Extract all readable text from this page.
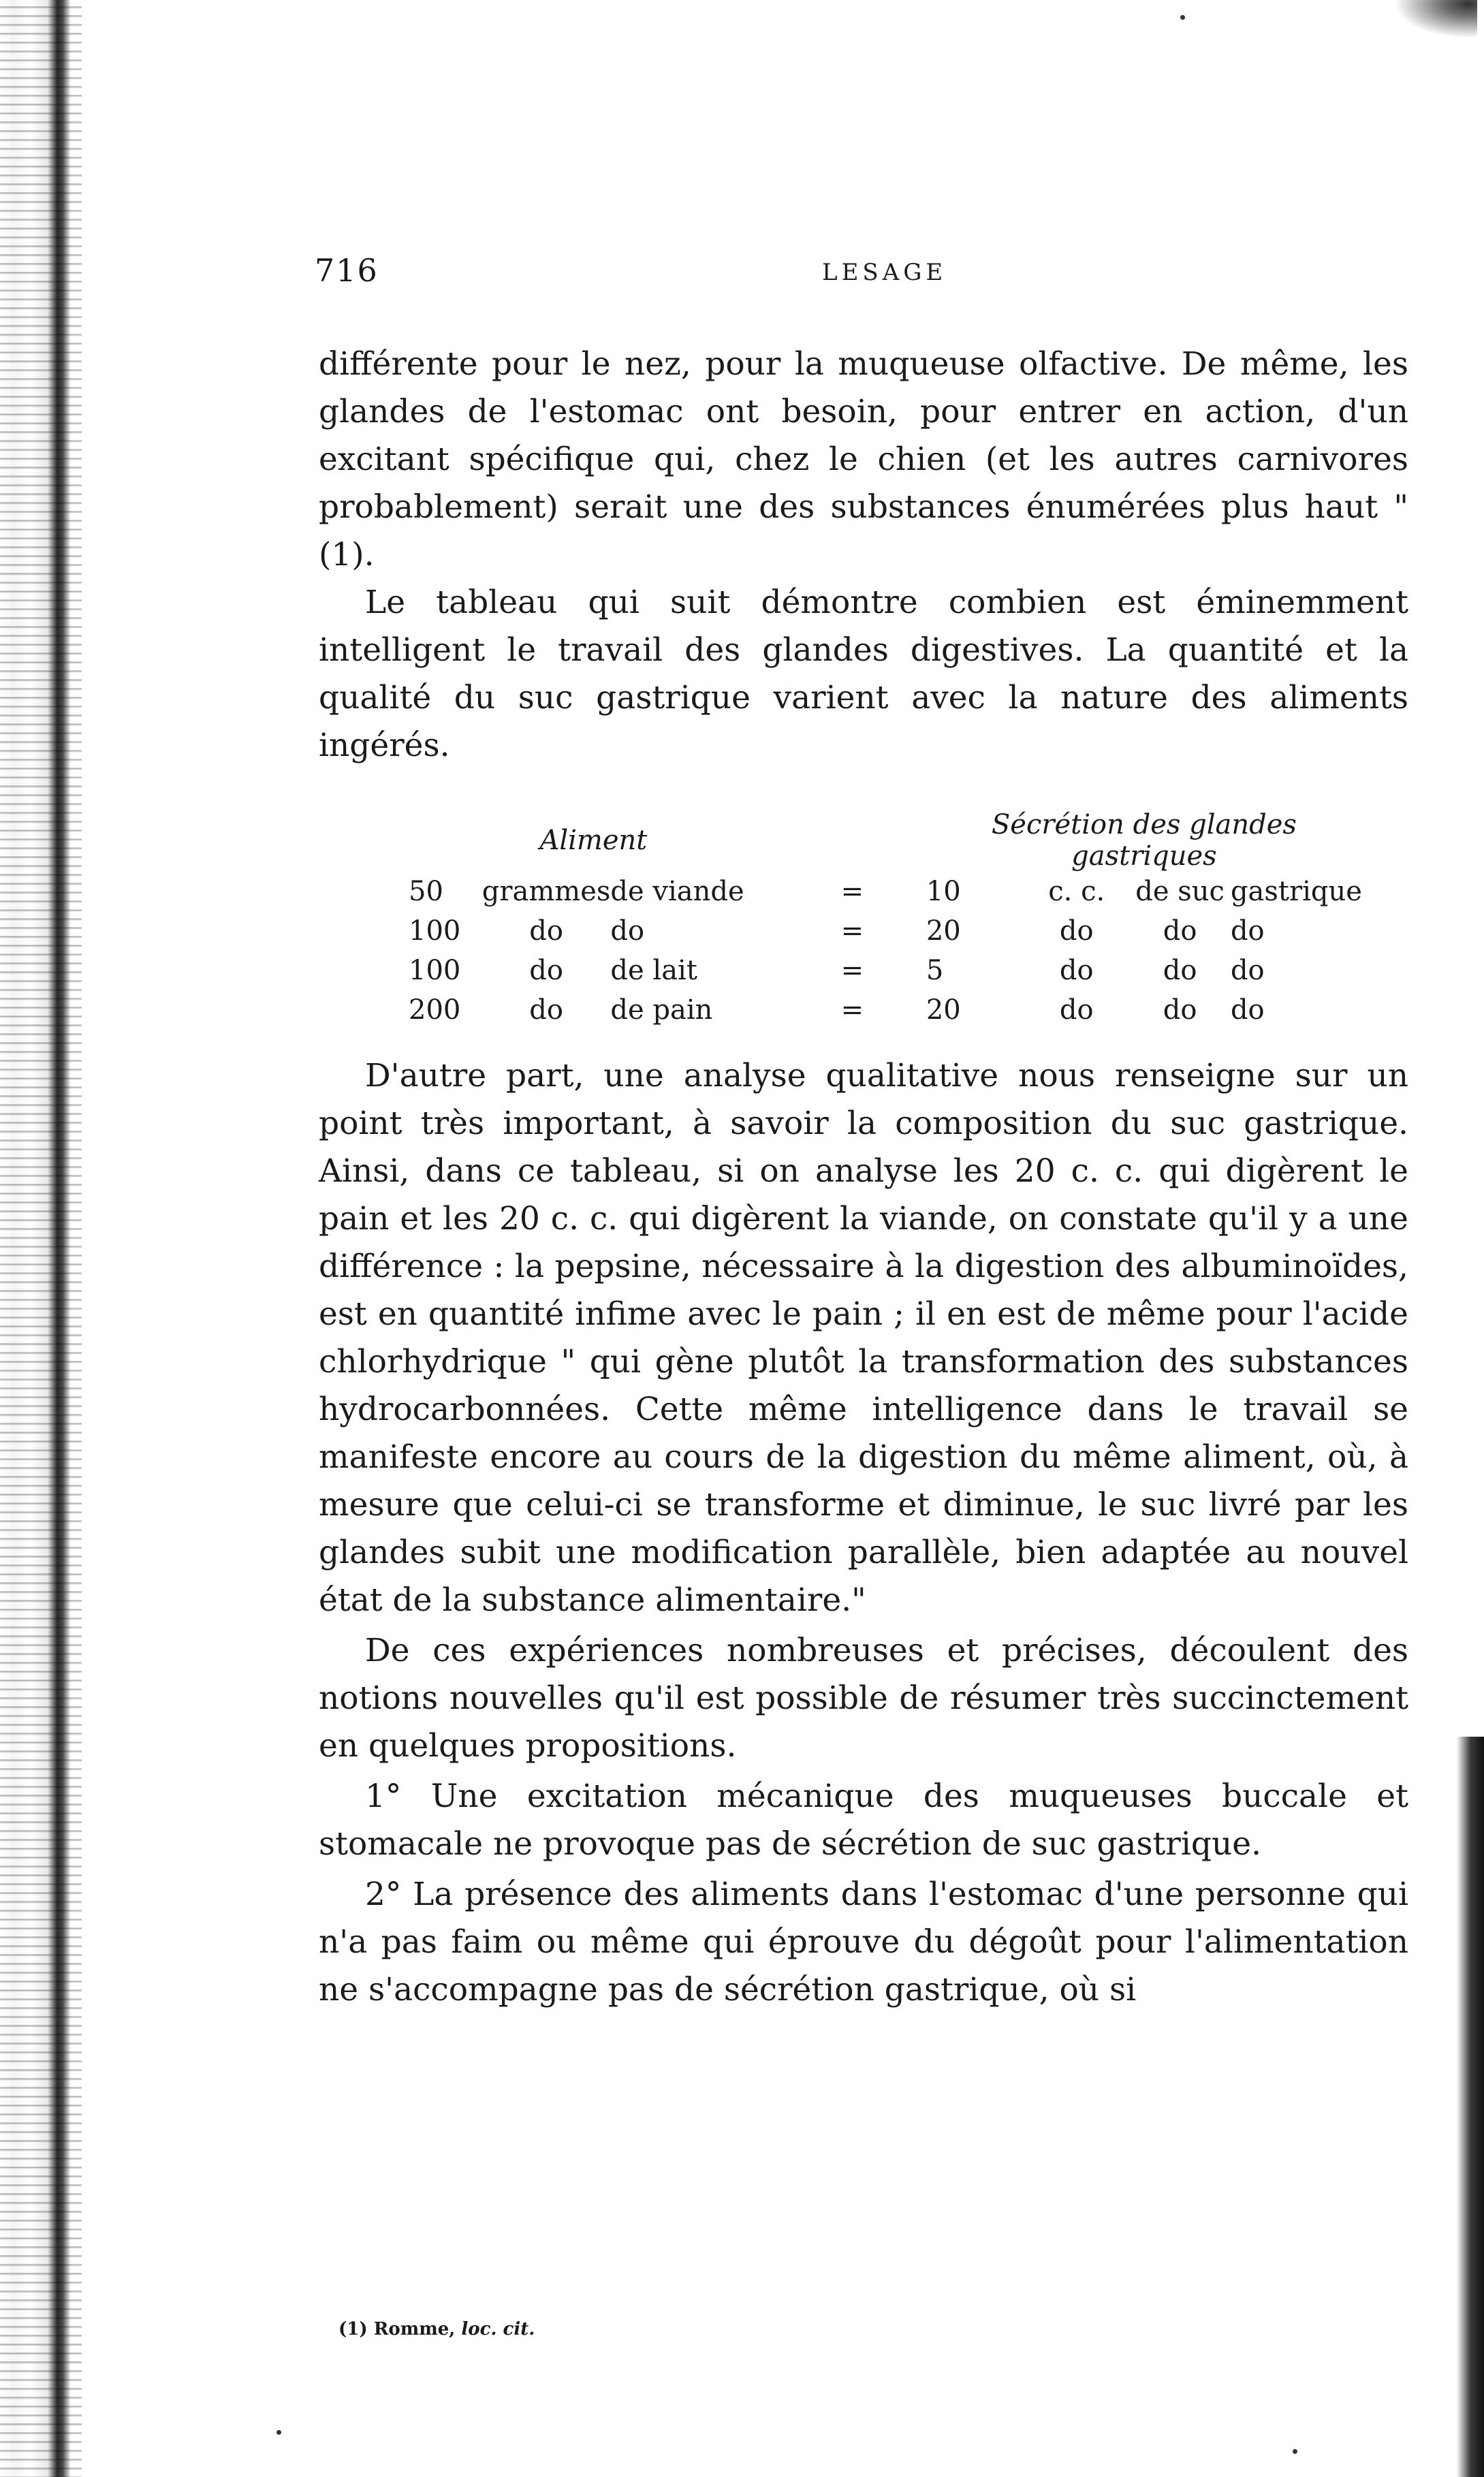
716	LESAGE

différente pour le nez, pour la muqueuse olfactive. De même, les glandes de l'estomac ont besoin, pour entrer en action, d'un excitant spécifique qui, chez le chien (et les autres carnivores probablement) serait une des substances énumérées plus haut " (1).

Le tableau qui suit démontre combien est éminemment intelligent le travail des glandes digestives. La quantité et la qualité du suc gastrique varient avec la nature des aliments ingérés.

Aliment				Sécrétion des glandes gastriques			
50	grammes	de viande	=	10	c. c.	de suc	gastrique
100	do	do	=	20	do	do	do
100	do	de lait	=	5	do	do	do
200	do	de pain	=	20	do	do	do

D'autre part, une analyse qualitative nous renseigne sur un point très important, à savoir la composition du suc gastrique. Ainsi, dans ce tableau, si on analyse les 20 c. c. qui digèrent le pain et les 20 c. c. qui digèrent la viande, on constate qu'il y a une différence : la pepsine, nécessaire à la digestion des albuminoïdes, est en quantité infime avec le pain ; il en est de même pour l'acide chlorhydrique " qui gène plutôt la transformation des substances hydrocarbonnées. Cette même intelligence dans le travail se manifeste encore au cours de la digestion du même aliment, où, à mesure que celui-ci se transforme et diminue, le suc livré par les glandes subit une modification parallèle, bien adaptée au nouvel état de la substance alimentaire."

De ces expériences nombreuses et précises, découlent des notions nouvelles qu'il est possible de résumer très succinctement en quelques propositions.

1° Une excitation mécanique des muqueuses buccale et stomacale ne provoque pas de sécrétion de suc gastrique.

2° La présence des aliments dans l'estomac d'une personne qui n'a pas faim ou même qui éprouve du dégoût pour l'alimentation ne s'accompagne pas de sécrétion gastrique, où si

(1) Romme, loc. cit.
